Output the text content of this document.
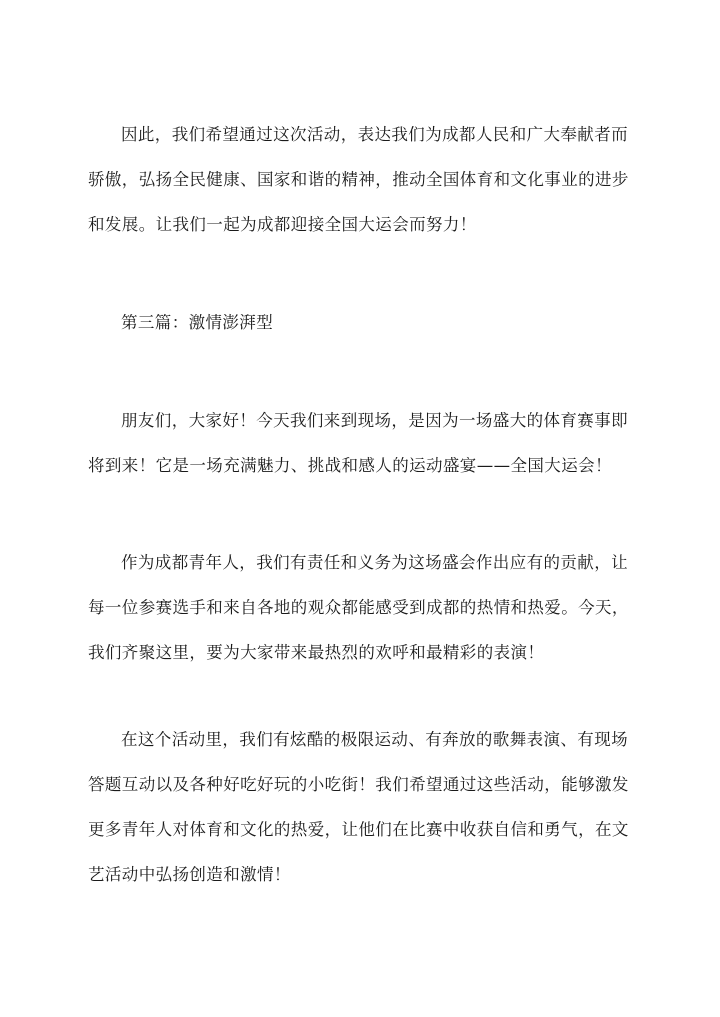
因此，我们希望通过这次活动，表达我们为成都人民和广大奉献者而骄傲，弘扬全民健康、国家和谐的精神，推动全国体育和文化事业的进步和发展。让我们一起为成都迎接全国大运会而努力！

第三篇：激情澎湃型

朋友们，大家好！今天我们来到现场，是因为一场盛大的体育赛事即将到来！它是一场充满魅力、挑战和感人的运动盛宴——全国大运会！

作为成都青年人，我们有责任和义务为这场盛会作出应有的贡献，让每一位参赛选手和来自各地的观众都能感受到成都的热情和热爱。今天，我们齐聚这里，要为大家带来最热烈的欢呼和最精彩的表演！

在这个活动里，我们有炫酷的极限运动、有奔放的歌舞表演、有现场答题互动以及各种好吃好玩的小吃街！我们希望通过这些活动，能够激发更多青年人对体育和文化的热爱，让他们在比赛中收获自信和勇气，在文艺活动中弘扬创造和激情！
